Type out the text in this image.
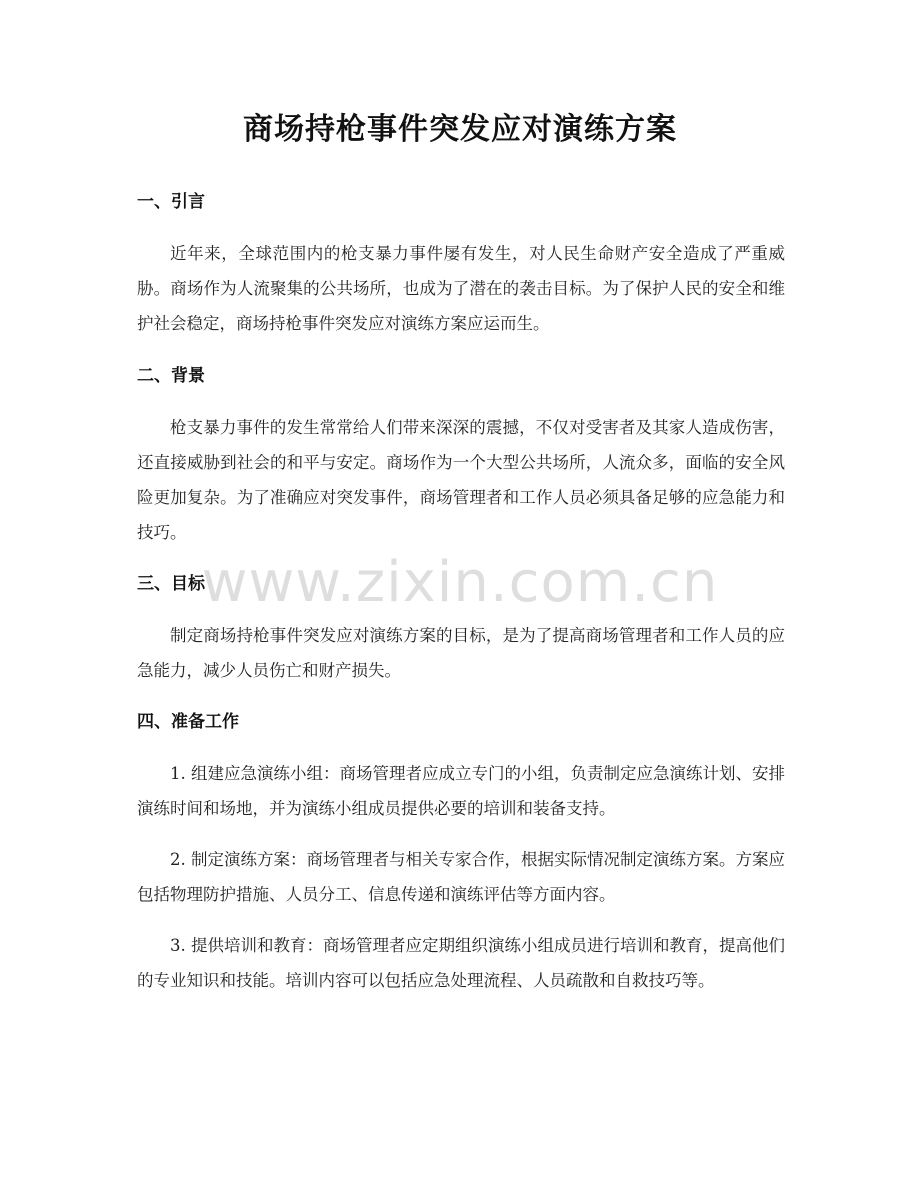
商场持枪事件突发应对演练方案
一、引言

近年来，全球范围内的枪支暴力事件屡有发生，对人民生命财产安全造成了严重威胁。商场作为人流聚集的公共场所，也成为了潜在的袭击目标。为了保护人民的安全和维护社会稳定，商场持枪事件突发应对演练方案应运而生。

二、背景

枪支暴力事件的发生常常给人们带来深深的震撼，不仅对受害者及其家人造成伤害，还直接威胁到社会的和平与安定。商场作为一个大型公共场所，人流众多，面临的安全风险更加复杂。为了准确应对突发事件，商场管理者和工作人员必须具备足够的应急能力和技巧。

三、目标

制定商场持枪事件突发应对演练方案的目标，是为了提高商场管理者和工作人员的应急能力，减少人员伤亡和财产损失。

四、准备工作

1. 组建应急演练小组：商场管理者应成立专门的小组，负责制定应急演练计划、安排演练时间和场地，并为演练小组成员提供必要的培训和装备支持。

2. 制定演练方案：商场管理者与相关专家合作，根据实际情况制定演练方案。方案应包括物理防护措施、人员分工、信息传递和演练评估等方面内容。

3. 提供培训和教育：商场管理者应定期组织演练小组成员进行培训和教育，提高他们的专业知识和技能。培训内容可以包括应急处理流程、人员疏散和自救技巧等。

www.zixin.com.cn
